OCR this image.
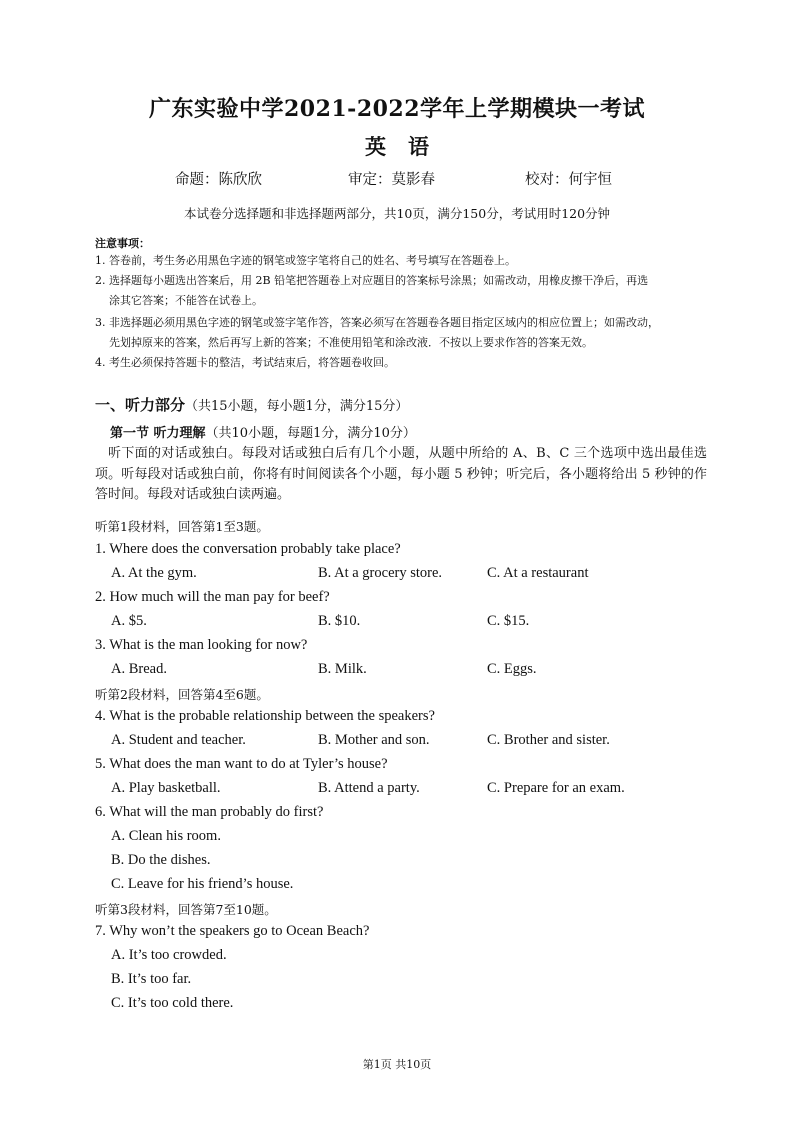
广东实验中学2021-2022学年上学期模块一考试
英语
命题：陈欣欣	审定：莫影春	校对：何宇恒
本试卷分选择题和非选择题两部分，共10页，满分150分，考试用时120分钟
注意事项：
1. 答卷前，考生务必用黑色字迹的钢笔或签字笔将自己的姓名、考号填写在答题卷上。
2. 选择题每小题选出答案后，用 2B 铅笔把答题卷上对应题目的答案标号涂黑；如需改动，用橡皮擦干净后，再选
涂其它答案；不能答在试卷上。
3. 非选择题必须用黑色字迹的钢笔或签字笔作答，答案必须写在答题卷各题目指定区域内的相应位置上；如需改动，
先划掉原来的答案，然后再写上新的答案；不准使用铅笔和涂改液．不按以上要求作答的答案无效。
4. 考生必须保持答题卡的整洁，考试结束后，将答题卷收回。
一、听力部分（共15小题，每小题1分，满分15分）
第一节 听力理解（共10小题，每题1分，满分10分）
听下面的对话或独白。每段对话或独白后有几个小题，从题中所给的 A、B、C 三个选项中选出最佳选项。听每段对话或独白前，你将有时间阅读各个小题，每小题 5 秒钟；听完后，各小题将给出 5 秒钟的作答时间。每段对话或独白读两遍。
听第1段材料，回答第1至3题。
1. Where does the conversation probably take place?
A. At the gym.	B. At a grocery store.	C. At a restaurant
2. How much will the man pay for beef?
A. $5.	B. $10.	C. $15.
3. What is the man looking for now?
A. Bread.	B. Milk.	C. Eggs.
听第2段材料，回答第4至6题。
4. What is the probable relationship between the speakers?
A. Student and teacher.	B. Mother and son.	C. Brother and sister.
5. What does the man want to do at Tyler’s house?
A. Play basketball.	B. Attend a party.	C. Prepare for an exam.
6. What will the man probably do first?
A. Clean his room.
B. Do the dishes.
C. Leave for his friend’s house.
听第3段材料，回答第7至10题。
7. Why won’t the speakers go to Ocean Beach?
A. It’s too crowded.
B. It’s too far.
C. It’s too cold there.
第1页 共10页
